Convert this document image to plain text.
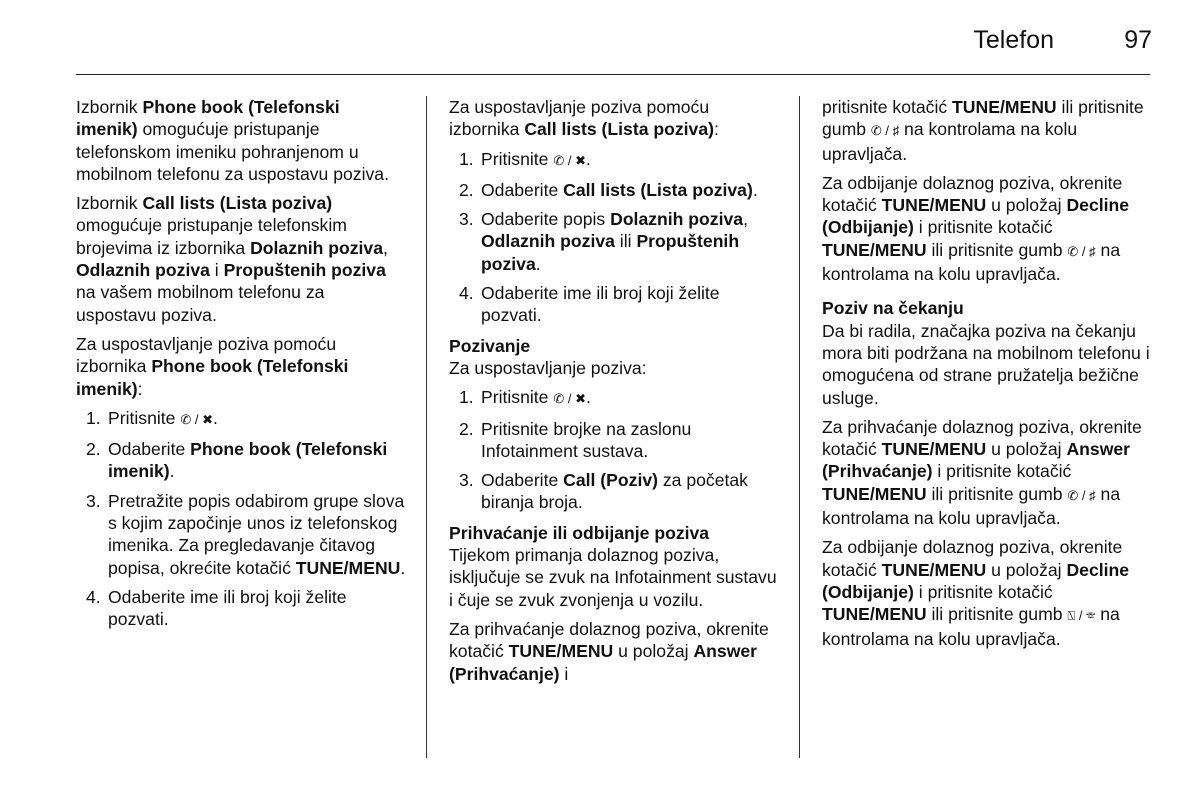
Telefon	97

Izbornik Phone book (Telefonski imenik) omogućuje pristupanje telefonskom imeniku pohranjenom u mobilnom telefonu za uspostavu poziva.

Izbornik Call lists (Lista poziva) omogućuje pristupanje telefonskim brojevima iz izbornika Dolaznih poziva, Odlaznih poziva i Propuštenih poziva na vašem mobilnom telefonu za uspostavu poziva.

Za uspostavljanje poziva pomoću izbornika Phone book (Telefonski imenik):

1. Pritisnite ✆ / ✖.
2. Odaberite Phone book (Telefonski imenik).
3. Pretražite popis odabirom grupe slova s kojim započinje unos iz telefonskog imenika. Za pregledavanje čitavog popisa, okrećite kotačić TUNE/MENU.
4. Odaberite ime ili broj koji želite pozvati.

Za uspostavljanje poziva pomoću izbornika Call lists (Lista poziva):

1. Pritisnite ✆ / ✖.
2. Odaberite Call lists (Lista poziva).
3. Odaberite popis Dolaznih poziva, Odlaznih poziva ili Propuštenih poziva.
4. Odaberite ime ili broj koji želite pozvati.
Pozivanje

Za uspostavljanje poziva:

1. Pritisnite ✆ / ✖.
2. Pritisnite brojke na zaslonu Infotainment sustava.
3. Odaberite Call (Poziv) za početak biranja broja.
Prihvaćanje ili odbijanje poziva

Tijekom primanja dolaznog poziva, isključuje se zvuk na Infotainment sustavu i čuje se zvuk zvonjenja u vozilu.

Za prihvaćanje dolaznog poziva, okrenite kotačić TUNE/MENU u položaj Answer (Prihvaćanje) i

pritisnite kotačić TUNE/MENU ili pritisnite gumb ✆ / ♯ na kontrolama na kolu upravljača.

Za odbijanje dolaznog poziva, okrenite kotačić TUNE/MENU u položaj Decline (Odbijanje) i pritisnite kotačić TUNE/MENU ili pritisnite gumb ✆ / ♯ na kontrolama na kolu upravljača.

Poziv na čekanju

Da bi radila, značajka poziva na čekanju mora biti podržana na mobilnom telefonu i omogućena od strane pružatelja bežične usluge.

Za prihvaćanje dolaznog poziva, okrenite kotačić TUNE/MENU u položaj Answer (Prihvaćanje) i pritisnite kotačić TUNE/MENU ili pritisnite gumb ✆ / ♯ na kontrolama na kolu upravljača.

Za odbijanje dolaznog poziva, okrenite kotačić TUNE/MENU u položaj Decline (Odbijanje) i pritisnite kotačić TUNE/MENU ili pritisnite gumb ⍂ / ☏ na kontrolama na kolu upravljača.
